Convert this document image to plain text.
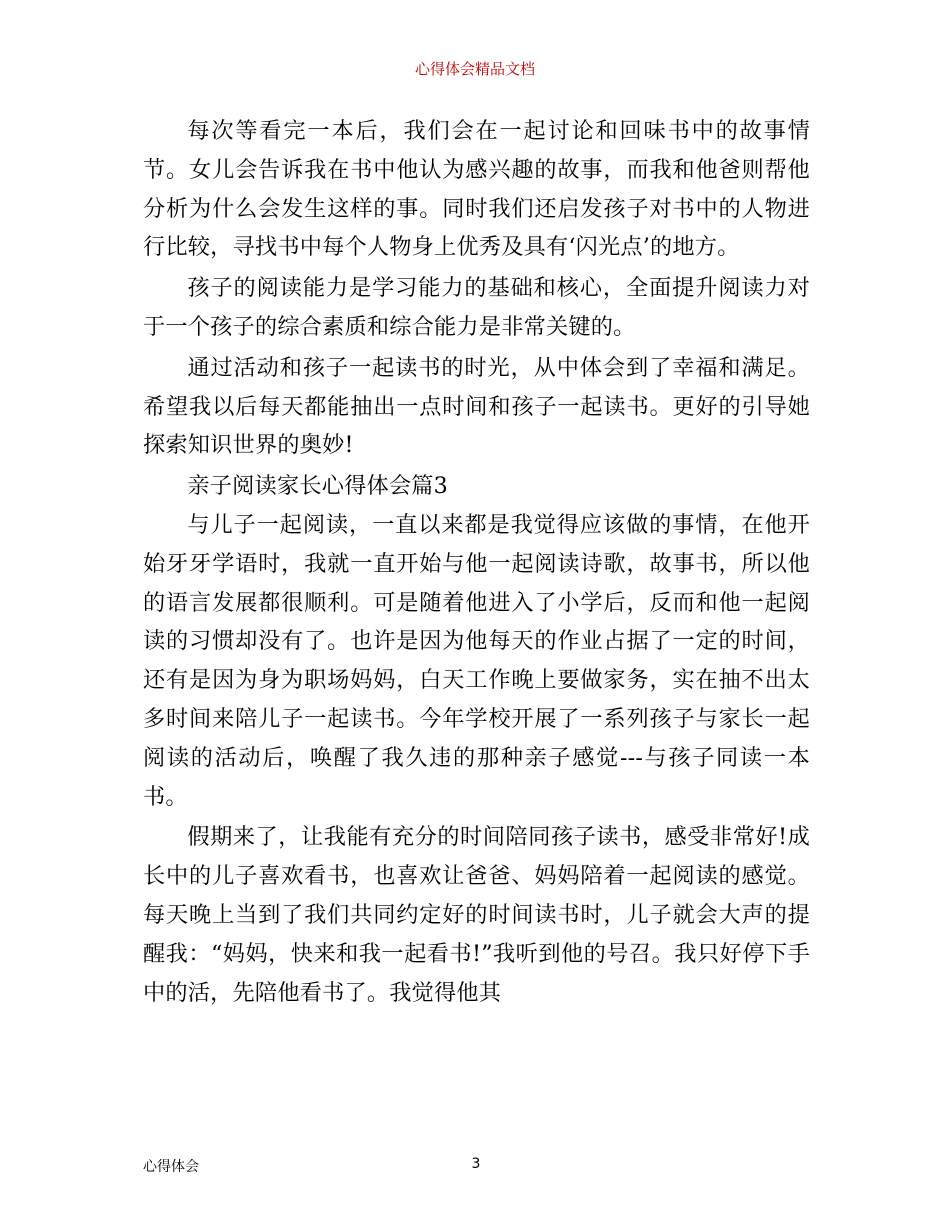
心得体会精品文档

每次等看完一本后，我们会在一起讨论和回味书中的故事情节。女儿会告诉我在书中他认为感兴趣的故事，而我和他爸则帮他分析为什么会发生这样的事。同时我们还启发孩子对书中的人物进行比较，寻找书中每个人物身上优秀及具有‘闪光点’的地方。

孩子的阅读能力是学习能力的基础和核心，全面提升阅读力对于一个孩子的综合素质和综合能力是非常关键的。

通过活动和孩子一起读书的时光，从中体会到了幸福和满足。希望我以后每天都能抽出一点时间和孩子一起读书。更好的引导她探索知识世界的奥妙!

亲子阅读家长心得体会篇3

与儿子一起阅读，一直以来都是我觉得应该做的事情，在他开始牙牙学语时，我就一直开始与他一起阅读诗歌，故事书，所以他的语言发展都很顺利。可是随着他进入了小学后，反而和他一起阅读的习惯却没有了。也许是因为他每天的作业占据了一定的时间，还有是因为身为职场妈妈，白天工作晚上要做家务，实在抽不出太多时间来陪儿子一起读书。今年学校开展了一系列孩子与家长一起阅读的活动后，唤醒了我久违的那种亲子感觉---与孩子同读一本书。

假期来了，让我能有充分的时间陪同孩子读书，感受非常好!成长中的儿子喜欢看书，也喜欢让爸爸、妈妈陪着一起阅读的感觉。每天晚上当到了我们共同约定好的时间读书时，儿子就会大声的提醒我：“妈妈，快来和我一起看书!”我听到他的号召。我只好停下手中的活，先陪他看书了。我觉得他其

心得体会	3
